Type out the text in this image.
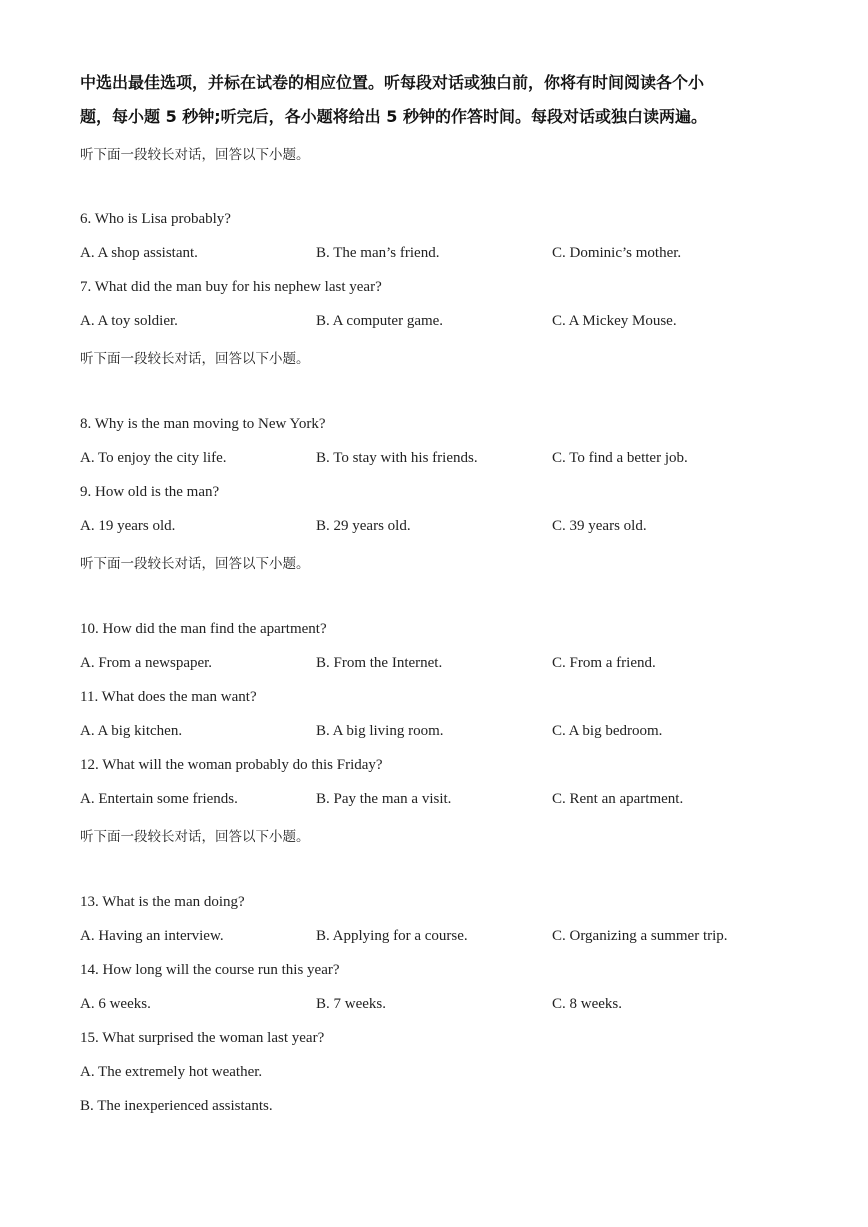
中选出最佳选项，并标在试卷的相应位置。听每段对话或独白前，你将有时间阅读各个小
题，每小题 5 秒钟;听完后，各小题将给出 5 秒钟的作答时间。每段对话或独白读两遍。
听下面一段较长对话，回答以下小题。
6. Who is Lisa probably?
A. A shop assistant.	B. The man’s friend.	C. Dominic’s mother.
7. What did the man buy for his nephew last year?
A. A toy soldier.	B. A computer game.	C. A Mickey Mouse.
听下面一段较长对话，回答以下小题。
8. Why is the man moving to New York?
A. To enjoy the city life.	B. To stay with his friends.	C. To find a better job.
9. How old is the man?
A. 19 years old.	B. 29 years old.	C. 39 years old.
听下面一段较长对话，回答以下小题。
10. How did the man find the apartment?
A. From a newspaper.	B. From the Internet.	C. From a friend.
11. What does the man want?
A. A big kitchen.	B. A big living room.	C. A big bedroom.
12. What will the woman probably do this Friday?
A. Entertain some friends.	B. Pay the man a visit.	C. Rent an apartment.
听下面一段较长对话，回答以下小题。
13. What is the man doing?
A. Having an interview.	B. Applying for a course.	C. Organizing a summer trip.
14. How long will the course run this year?
A. 6 weeks.	B. 7 weeks.	C. 8 weeks.
15. What surprised the woman last year?
A. The extremely hot weather.
B. The inexperienced assistants.
